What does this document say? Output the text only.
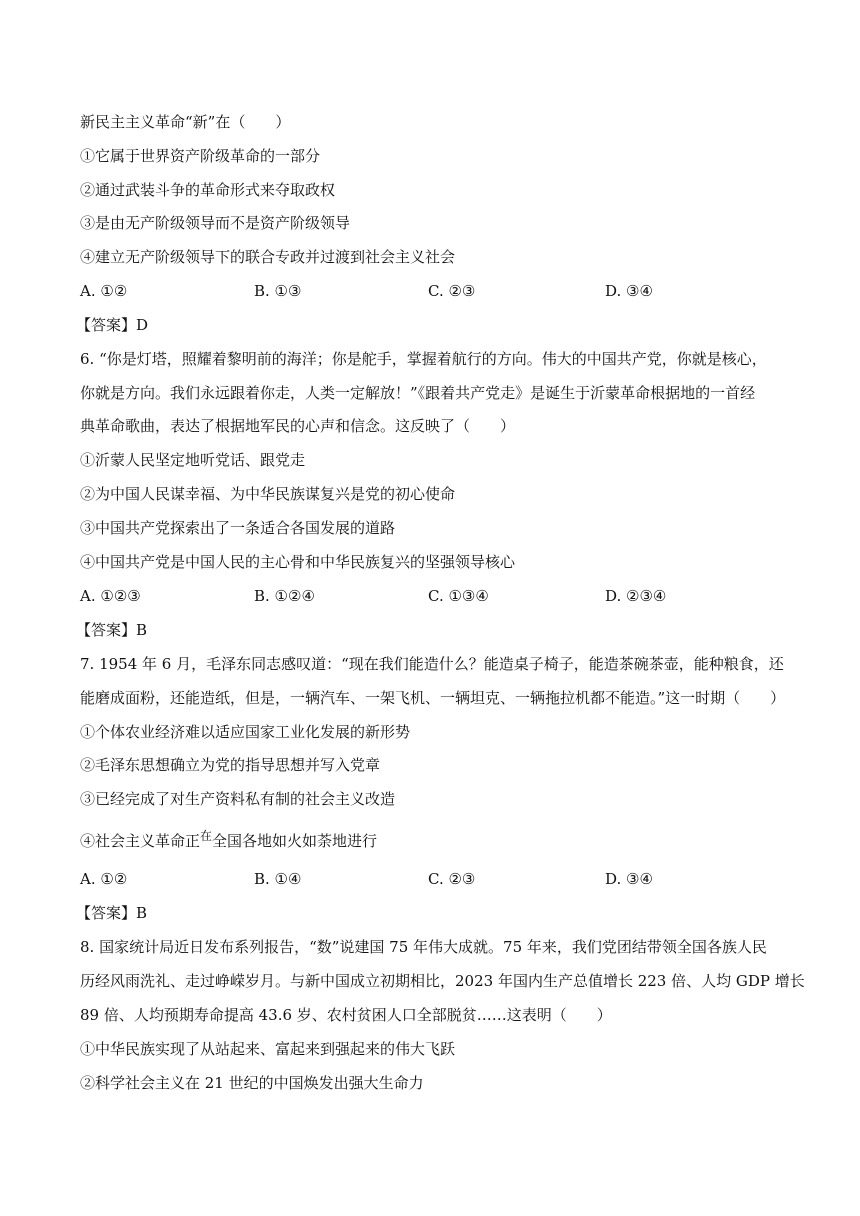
新民主主义革命“新”在（　　）
①它属于世界资产阶级革命的一部分
②通过武装斗争的革命形式来夺取政权
③是由无产阶级领导而不是资产阶级领导
④建立无产阶级领导下的联合专政并过渡到社会主义社会
A. ①②	B. ①③	C. ②③	D. ③④
【答案】D
6. “你是灯塔，照耀着黎明前的海洋；你是舵手，掌握着航行的方向。伟大的中国共产党，你就是核心，
你就是方向。我们永远跟着你走，人类一定解放！”《跟着共产党走》是诞生于沂蒙革命根据地的一首经
典革命歌曲，表达了根据地军民的心声和信念。这反映了（　　）
①沂蒙人民坚定地听党话、跟党走
②为中国人民谋幸福、为中华民族谋复兴是党的初心使命
③中国共产党探索出了一条适合各国发展的道路
④中国共产党是中国人民的主心骨和中华民族复兴的坚强领导核心
A. ①②③	B. ①②④	C. ①③④	D. ②③④
【答案】B
7. 1954 年 6 月，毛泽东同志感叹道：“现在我们能造什么？能造桌子椅子，能造茶碗茶壶，能种粮食，还
能磨成面粉，还能造纸，但是，一辆汽车、一架飞机、一辆坦克、一辆拖拉机都不能造。”这一时期（　　）
①个体农业经济难以适应国家工业化发展的新形势
②毛泽东思想确立为党的指导思想并写入党章
③已经完成了对生产资料私有制的社会主义改造
④社会主义革命正$^在$全国各地如火如荼地进行
A. ①②	B. ①④	C. ②③	D. ③④
【答案】B
8. 国家统计局近日发布系列报告，“数”说建国 75 年伟大成就。75 年来，我们党团结带领全国各族人民
历经风雨洗礼、走过峥嵘岁月。与新中国成立初期相比，2023 年国内生产总值增长 223 倍、人均 GDP 增长
89 倍、人均预期寿命提高 43.6 岁、农村贫困人口全部脱贫……这表明（　　）
①中华民族实现了从站起来、富起来到强起来的伟大飞跃
②科学社会主义在 21 世纪的中国焕发出强大生命力
